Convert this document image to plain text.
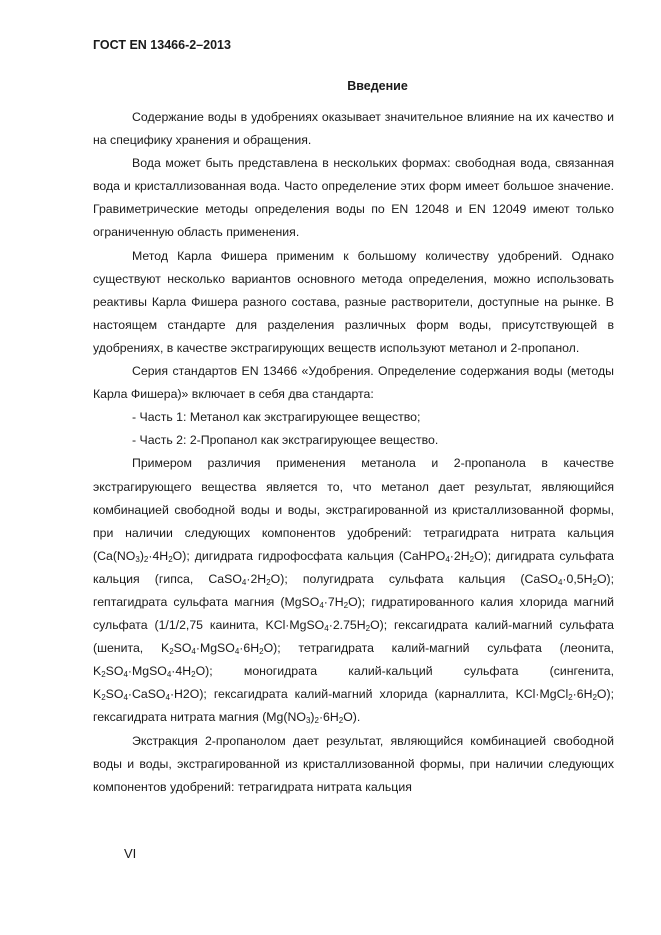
ГОСТ EN 13466-2–2013
Введение

Содержание воды в удобрениях оказывает значительное влияние на их качество и на специфику хранения и обращения.

Вода может быть представлена в нескольких формах: свободная вода, связанная вода и кристаллизованная вода. Часто определение этих форм имеет большое значение. Гравиметрические методы определения воды по EN 12048 и EN 12049 имеют только ограниченную область применения.

Метод Карла Фишера применим к большому количеству удобрений. Однако существуют несколько вариантов основного метода определения, можно использовать реактивы Карла Фишера разного состава, разные растворители, доступные на рынке. В настоящем стандарте для разделения различных форм воды, присутствующей в удобрениях, в качестве экстрагирующих веществ используют метанол и 2-пропанол.

Серия стандартов EN 13466 «Удобрения. Определение содержания воды (методы Карла Фишера)» включает в себя два стандарта:

- Часть 1: Метанол как экстрагирующее вещество;

- Часть 2: 2-Пропанол как экстрагирующее вещество.

Примером различия применения метанола и 2-пропанола в качестве экстрагирующего вещества является то, что метанол дает результат, являющийся комбинацией свободной воды и воды, экстрагированной из кристаллизованной формы, при наличии следующих компонентов удобрений: тетрагидрата нитрата кальция $(Ca(NO_3)_2\cdot 4H_2O)$; дигидрата гидрофосфата кальция $(CaHPO_4\cdot 2H_2O)$; дигидрата сульфата кальция (гипса, $CaSO_4\cdot 2H_2O$); полугидрата сульфата кальция $(CaSO_4\cdot 0,5H_2O)$; гептагидрата сульфата магния $(MgSO_4\cdot 7H_2O)$; гидратированного калия хлорида магний сульфата (1/1/2,75 каинита, $KCl\cdot MgSO_4\cdot 2.75H_2O$); гексагидрата калий-магний сульфата (шенита, $K_2SO_4\cdot MgSO_4\cdot 6H_2O$); тетрагидрата калий-магний сульфата (леонита, $K_2SO_4\cdot MgSO_4\cdot 4H_2O$); моногидрата калий-кальций сульфата (сингенита, $K_2SO_4\cdot CaSO_4\cdot H2O$); гексагидрата калий-магний хлорида (карналлита, $KCl\cdot MgCl_2\cdot 6H_2O$); гексагидрата нитрата магния $(Mg(NO_3)_2\cdot 6H_2O)$.

Экстракция 2-пропанолом дает результат, являющийся комбинацией свободной воды и воды, экстрагированной из кристаллизованной формы, при наличии следующих компонентов удобрений: тетрагидрата нитрата кальция

VI
